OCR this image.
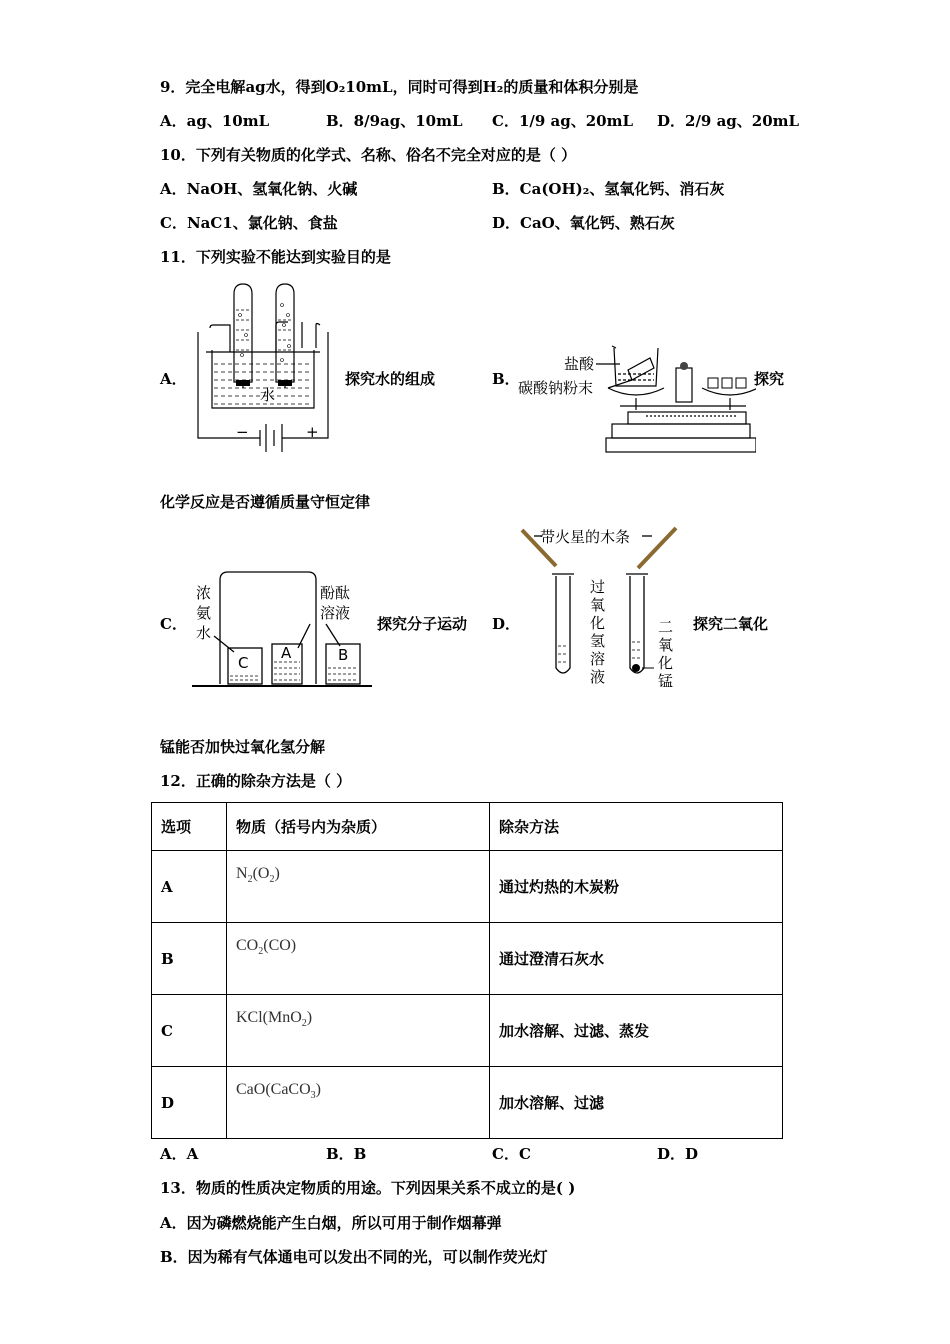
9．完全电解ag水，得到O₂10mL，同时可得到H₂的质量和体积分别是
A．ag、10mL	B．8/9ag、10mL C．1/9 ag、20mL D．2/9 ag、20mL
10．下列有关物质的化学式、名称、俗名不完全对应的是（ ）
A．NaOH、氢氧化钠、火碱	B．Ca(OH)₂、氢氧化钙、消石灰
C．NaC1、氯化钠、食盐	D．CaO、氧化钙、熟石灰
11．下列实验不能达到实验目的是
A．
水
−	+
探究水的组成	B．
盐酸
碳酸钠粉末	探究
化学反应是否遵循质量守恒定律
C．
浓
氨
水
酚酞
溶液
C
A	B
探究分子运动 D．
带火星的木条
过
氧
化
氢
溶
液
二
氧
化
锰
探究二氧化
锰能否加快过氧化氢分解
12．正确的除杂方法是（ ）
选项	物质（括号内为杂质）	除杂方法
A	$N_2(O_2)$	通过灼热的木炭粉
B	$CO_2(CO)$	通过澄清石灰水
C	KCl(MnO$_2$)	加水溶解、过滤、蒸发
D	CaO(CaCO$_3$)	加水溶解、过滤
A．A	B．B	C．C	D．D
13．物质的性质决定物质的用途。下列因果关系不成立的是( )
A．因为磷燃烧能产生白烟，所以可用于制作烟幕弹
B．因为稀有气体通电可以发出不同的光，可以制作荧光灯
